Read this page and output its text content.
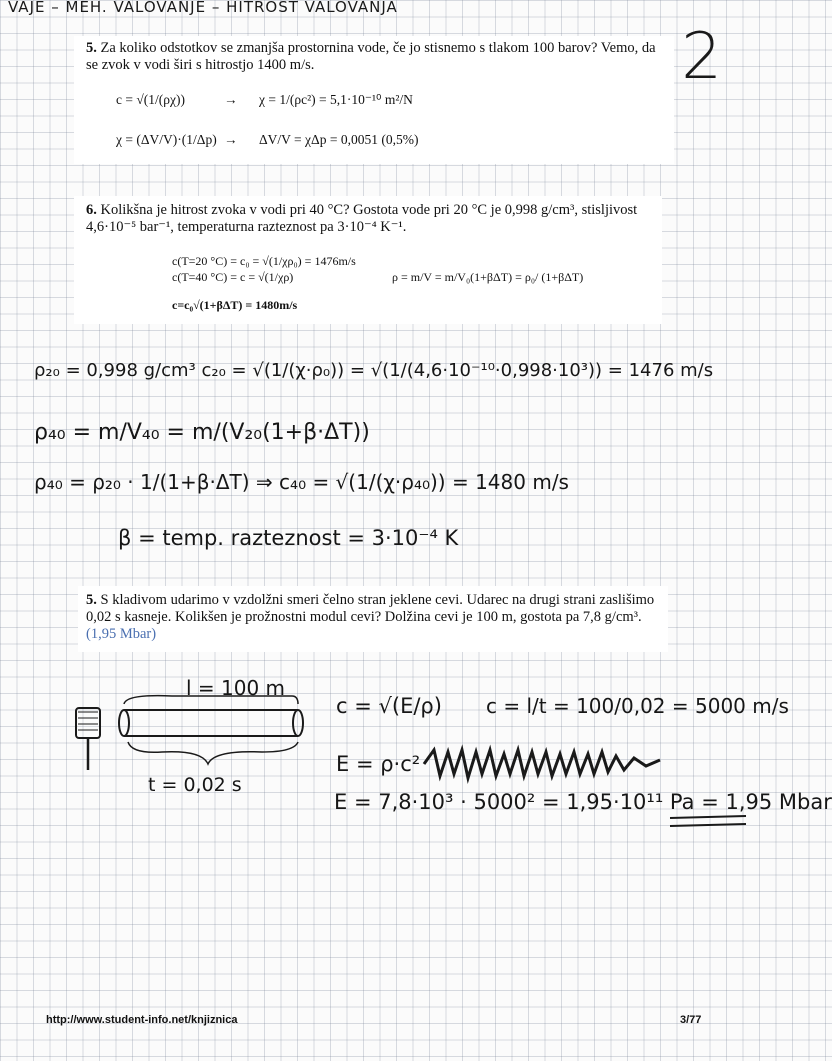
VAJE – MEH. VALOVANJE – HITROST VALOVANJA
2

5. Za koliko odstotkov se zmanjša prostornina vode, če jo stisnemo s tlakom 100 barov? Vemo, da se zvok v vodi širi s hitrostjo 1400 m/s.

c = √(1/(ρχ))	→ χ = 1/(ρc²) = 5,1·10⁻¹⁰ m²/N
χ = (ΔV/V)·(1/Δp) → ΔV/V = χΔp = 0,0051 (0,5%)

6. Kolikšna je hitrost zvoka v vodi pri 40 °C? Gostota vode pri 20 °C je 0,998 g/cm³, stisljivost 4,6·10⁻⁵ bar⁻¹, temperaturna razteznost pa 3·10⁻⁴ K⁻¹.

c(T=20 °C) = c₀ = √(1/χρ₀) = 1476m/s
c(T=40 °C) = c = √(1/χρ)	ρ = m/V = m/V₀(1+βΔT) = ρ₀/ (1+βΔT)
c=c₀√(1+βΔT) = 1480m/s
ρ₂₀ = 0,998 g/cm³ c₂₀ = √(1/(χ·ρ₀)) = √(1/(4,6·10⁻¹⁰·0,998·10³)) = 1476 m/s
ρ₄₀ = m/V₄₀ = m/(V₂₀(1+β·ΔT))
ρ₄₀ = ρ₂₀ · 1/(1+β·ΔT) ⇒ c₄₀ = √(1/(χ·ρ₄₀)) = 1480 m/s
β = temp. razteznost = 3·10⁻⁴ K

5. S kladivom udarimo v vzdolžni smeri čelno stran jeklene cevi. Udarec na drugi strani zaslišimo 0,02 s kasneje. Kolikšen je prožnostni modul cevi? Dolžina cevi je 100 m, gostota pa 7,8 g/cm³. (1,95 Mbar)

l = 100 m
t = 0,02 s
c = √(E/ρ) c = l/t = 100/0,02 = 5000 m/s
E = ρ·c²
E = 7,8·10³ · 5000² = 1,95·10¹¹ Pa = 1,95 Mbar
http://www.student-info.net/knjiznica	3/77
